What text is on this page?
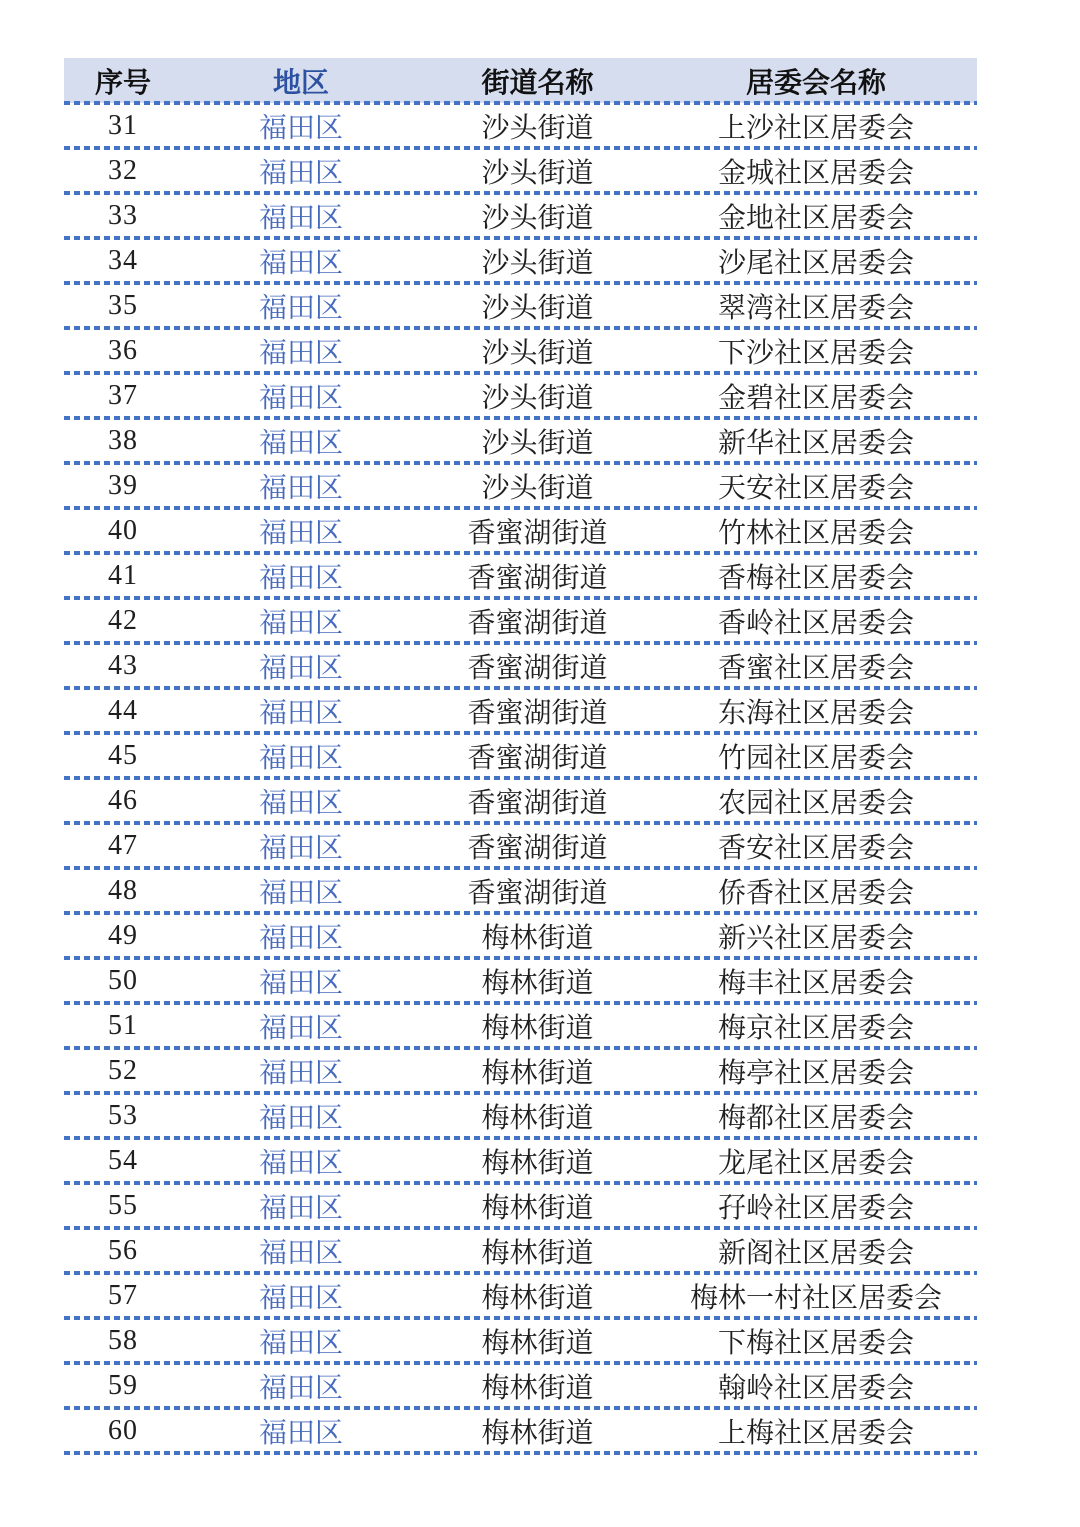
序号	地区	街道名称	居委会名称
31	福田区	沙头街道	上沙社区居委会
32	福田区	沙头街道	金城社区居委会
33	福田区	沙头街道	金地社区居委会
34	福田区	沙头街道	沙尾社区居委会
35	福田区	沙头街道	翠湾社区居委会
36	福田区	沙头街道	下沙社区居委会
37	福田区	沙头街道	金碧社区居委会
38	福田区	沙头街道	新华社区居委会
39	福田区	沙头街道	天安社区居委会
40	福田区	香蜜湖街道	竹林社区居委会
41	福田区	香蜜湖街道	香梅社区居委会
42	福田区	香蜜湖街道	香岭社区居委会
43	福田区	香蜜湖街道	香蜜社区居委会
44	福田区	香蜜湖街道	东海社区居委会
45	福田区	香蜜湖街道	竹园社区居委会
46	福田区	香蜜湖街道	农园社区居委会
47	福田区	香蜜湖街道	香安社区居委会
48	福田区	香蜜湖街道	侨香社区居委会
49	福田区	梅林街道	新兴社区居委会
50	福田区	梅林街道	梅丰社区居委会
51	福田区	梅林街道	梅京社区居委会
52	福田区	梅林街道	梅亭社区居委会
53	福田区	梅林街道	梅都社区居委会
54	福田区	梅林街道	龙尾社区居委会
55	福田区	梅林街道	孖岭社区居委会
56	福田区	梅林街道	新阁社区居委会
57	福田区	梅林街道	梅林一村社区居委会
58	福田区	梅林街道	下梅社区居委会
59	福田区	梅林街道	翰岭社区居委会
60	福田区	梅林街道	上梅社区居委会
